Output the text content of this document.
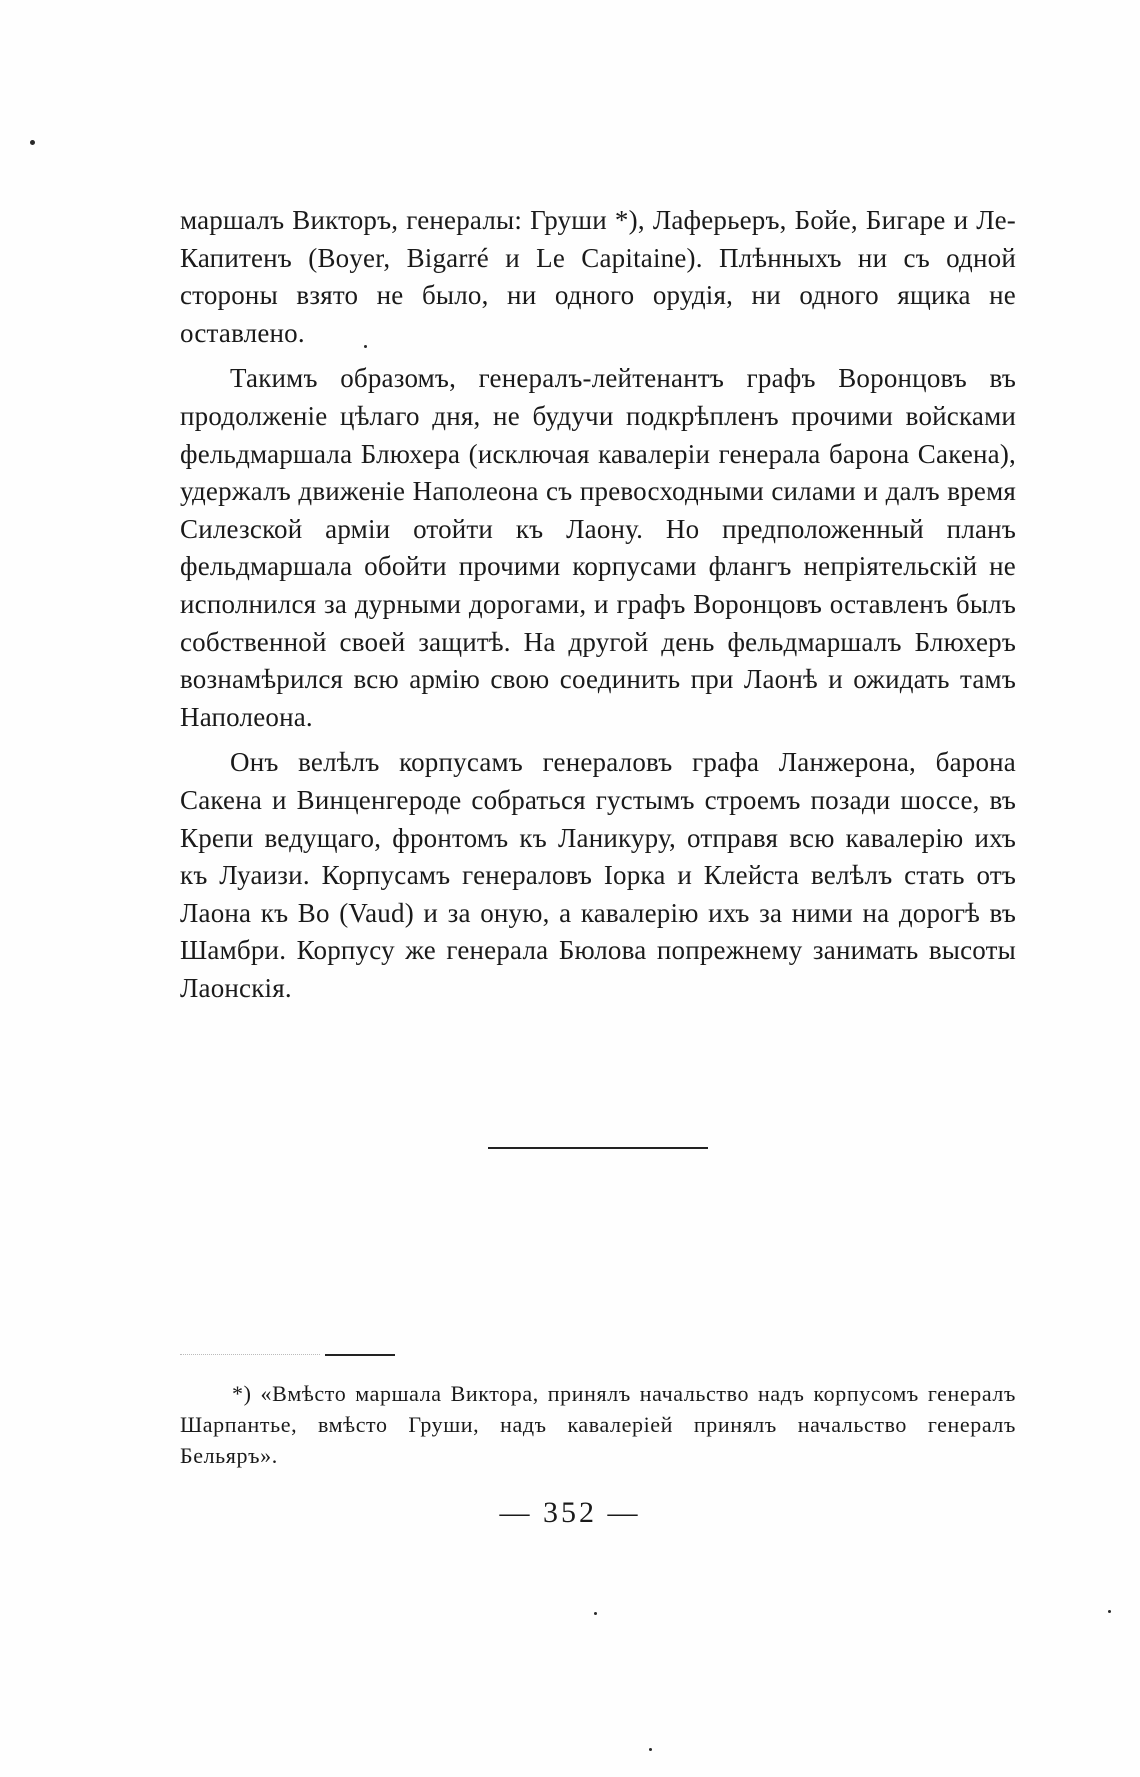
маршалъ Викторъ, генералы: Груши *), Лаферьеръ, Бойе, Бигаре и Ле-Капитенъ (Boyer, Bigarré и Le Capitaine). Плѣнныхъ ни съ одной стороны взято не было, ни одного орудія, ни одного ящика не оставлено.

Такимъ образомъ, генералъ-лейтенантъ графъ Воронцовъ въ продолженіе цѣлаго дня, не будучи подкрѣпленъ прочими войсками фельдмаршала Блюхера (исключая кавалеріи генерала барона Сакена), удержалъ движеніе Наполеона съ превосходными силами и далъ время Силезской арміи отойти къ Лаону. Но предположенный планъ фельдмаршала обойти прочими корпусами флангъ непріятельскій не исполнился за дурными дорогами, и графъ Воронцовъ оставленъ былъ собственной своей защитѣ. На другой день фельдмаршалъ Блюхеръ вознамѣрился всю армію свою соединить при Лаонѣ и ожидать тамъ Наполеона.

Онъ велѣлъ корпусамъ генераловъ графа Ланжерона, барона Сакена и Винценгероде собраться густымъ строемъ позади шоссе, въ Крепи ведущаго, фронтомъ къ Ланикуру, отправя всю кавалерію ихъ къ Луаизи. Корпусамъ генераловъ Іорка и Клейста велѣлъ стать отъ Лаона къ Во (Vaud) и за оную, а кавалерію ихъ за ними на дорогѣ въ Шамбри. Корпусу же генерала Бюлова попрежнему занимать высоты Лаонскія.

*) «Вмѣсто маршала Виктора, принялъ начальство надъ корпусомъ генералъ Шарпантье, вмѣсто Груши, надъ кавалеріей принялъ начальство генералъ Бельяръ».
— 352 —
